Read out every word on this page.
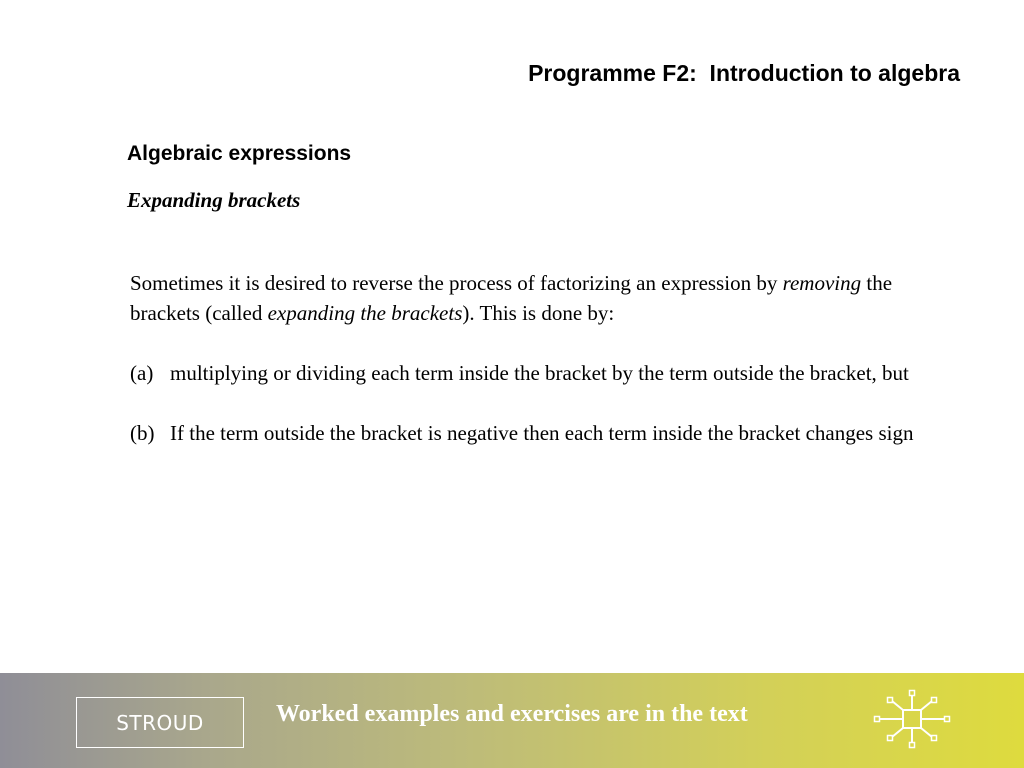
Programme F2:  Introduction to algebra
Algebraic expressions
Expanding brackets

Sometimes it is desired to reverse the process of factorizing an expression by removing the brackets (called expanding the brackets). This is done by:

(a) multiplying or dividing each term inside the bracket by the term outside the bracket, but
(b) If the term outside the bracket is negative then each term inside the bracket changes sign
STROUD	Worked examples and exercises are in the text
